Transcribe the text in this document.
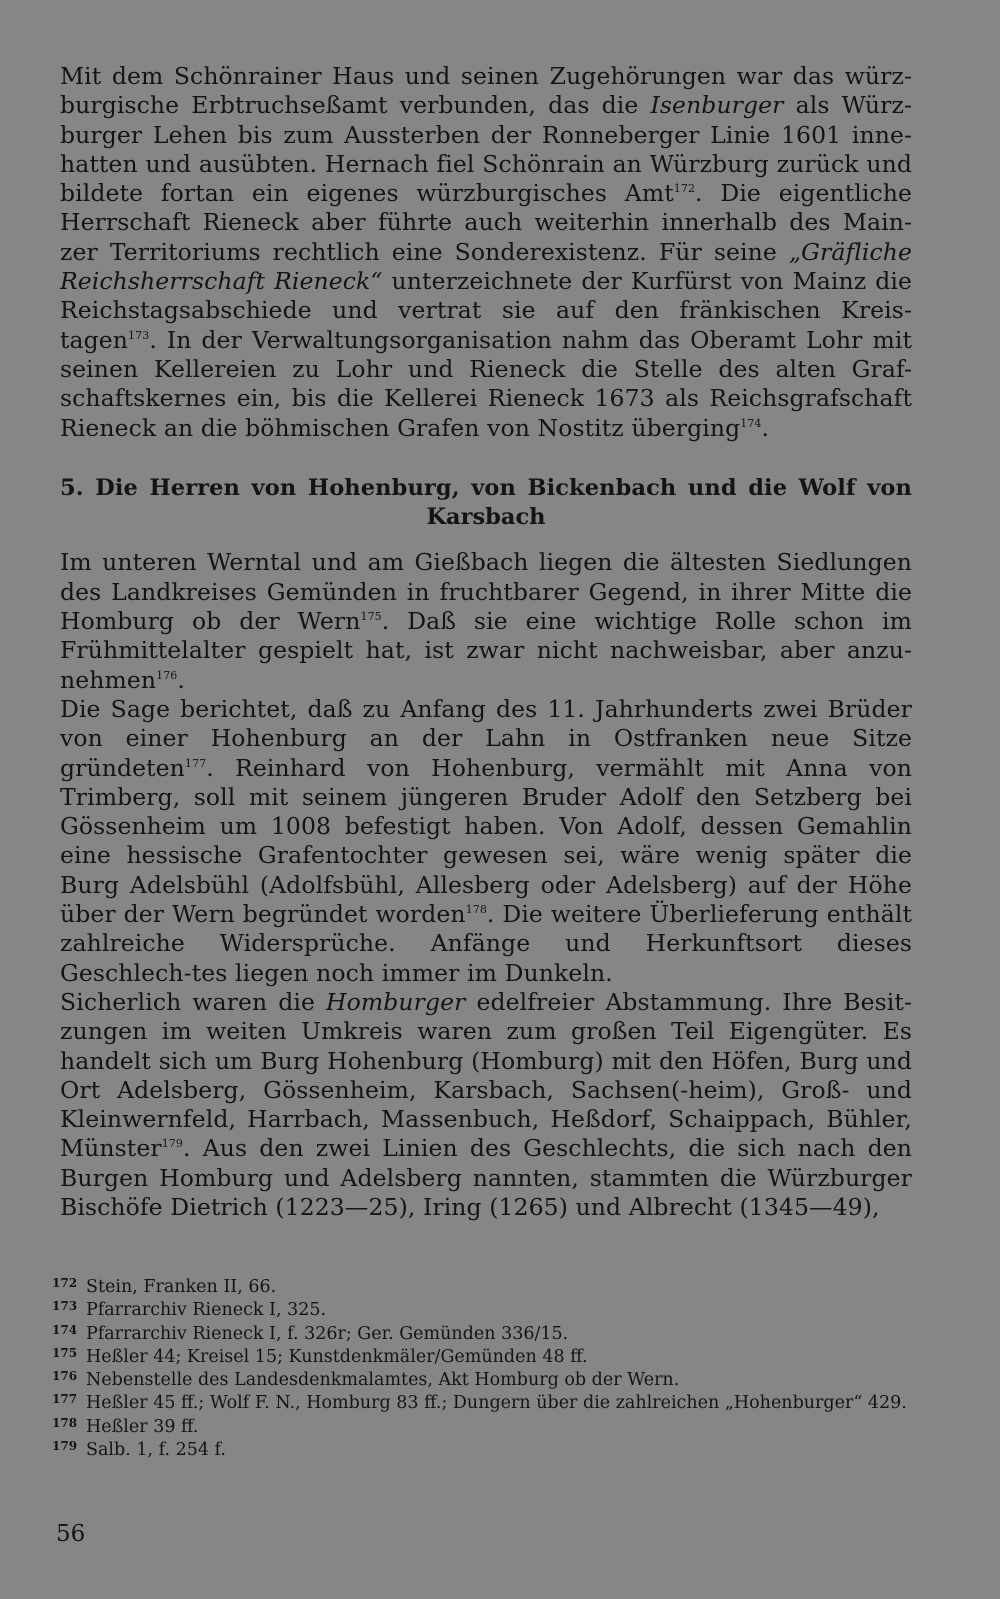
Mit dem Schönrainer Haus und seinen Zugehörungen war das würz-burgische Erbtruchseßamt verbunden, das die Isenburger als Würz-burger Lehen bis zum Aussterben der Ronneberger Linie 1601 inne-hatten und ausübten. Hernach fiel Schönrain an Würzburg zurück und bildete fortan ein eigenes würzburgisches Amt$^{172}$. Die eigentliche Herrschaft Rieneck aber führte auch weiterhin innerhalb des Main-zer Territoriums rechtlich eine Sonderexistenz. Für seine „Gräfliche Reichsherrschaft Rieneck“ unterzeichnete der Kurfürst von Mainz die Reichstagsabschiede und vertrat sie auf den fränkischen Kreis-tagen$^{173}$. In der Verwaltungsorganisation nahm das Oberamt Lohr mit seinen Kellereien zu Lohr und Rieneck die Stelle des alten Graf-schaftskernes ein, bis die Kellerei Rieneck 1673 als Reichsgrafschaft Rieneck an die böhmischen Grafen von Nostitz überging$^{174}$.

5. Die Herren von Hohenburg, von Bickenbach und die Wolf von

Karsbach

Im unteren Werntal und am Gießbach liegen die ältesten Siedlungen des Landkreises Gemünden in fruchtbarer Gegend, in ihrer Mitte die Homburg ob der Wern$^{175}$. Daß sie eine wichtige Rolle schon im Frühmittelalter gespielt hat, ist zwar nicht nachweisbar, aber anzu-nehmen$^{176}$.

Die Sage berichtet, daß zu Anfang des 11. Jahrhunderts zwei Brüder von einer Hohenburg an der Lahn in Ostfranken neue Sitze gründeten$^{177}$. Reinhard von Hohenburg, vermählt mit Anna von Trimberg, soll mit seinem jüngeren Bruder Adolf den Setzberg bei Gössenheim um 1008 befestigt haben. Von Adolf, dessen Gemahlin eine hessische Grafentochter gewesen sei, wäre wenig später die Burg Adelsbühl (Adolfsbühl, Allesberg oder Adelsberg) auf der Höhe über der Wern begründet worden$^{178}$. Die weitere Überlieferung enthält zahlreiche Widersprüche. Anfänge und Herkunftsort dieses Geschlech-tes liegen noch immer im Dunkeln.

Sicherlich waren die Homburger edelfreier Abstammung. Ihre Besit-zungen im weiten Umkreis waren zum großen Teil Eigengüter. Es handelt sich um Burg Hohenburg (Homburg) mit den Höfen, Burg und Ort Adelsberg, Gössenheim, Karsbach, Sachsen(-heim), Groß- und Kleinwernfeld, Harrbach, Massenbuch, Heßdorf, Schaippach, Bühler, Münster$^{179}$. Aus den zwei Linien des Geschlechts, die sich nach den Burgen Homburg und Adelsberg nannten, stammten die Würzburger Bischöfe Dietrich (1223—25), Iring (1265) und Albrecht (1345—49),

172 Stein, Franken II, 66.

173 Pfarrarchiv Rieneck I, 325.

174 Pfarrarchiv Rieneck I, f. 326r; Ger. Gemünden 336/15.

175 Heßler 44; Kreisel 15; Kunstdenkmäler/Gemünden 48 ff.

176 Nebenstelle des Landesdenkmalamtes, Akt Homburg ob der Wern.

177 Heßler 45 ff.; Wolf F. N., Homburg 83 ff.; Dungern über die zahlreichen „Hohenburger“ 429.

178 Heßler 39 ff.

179 Salb. 1, f. 254 f.

56
